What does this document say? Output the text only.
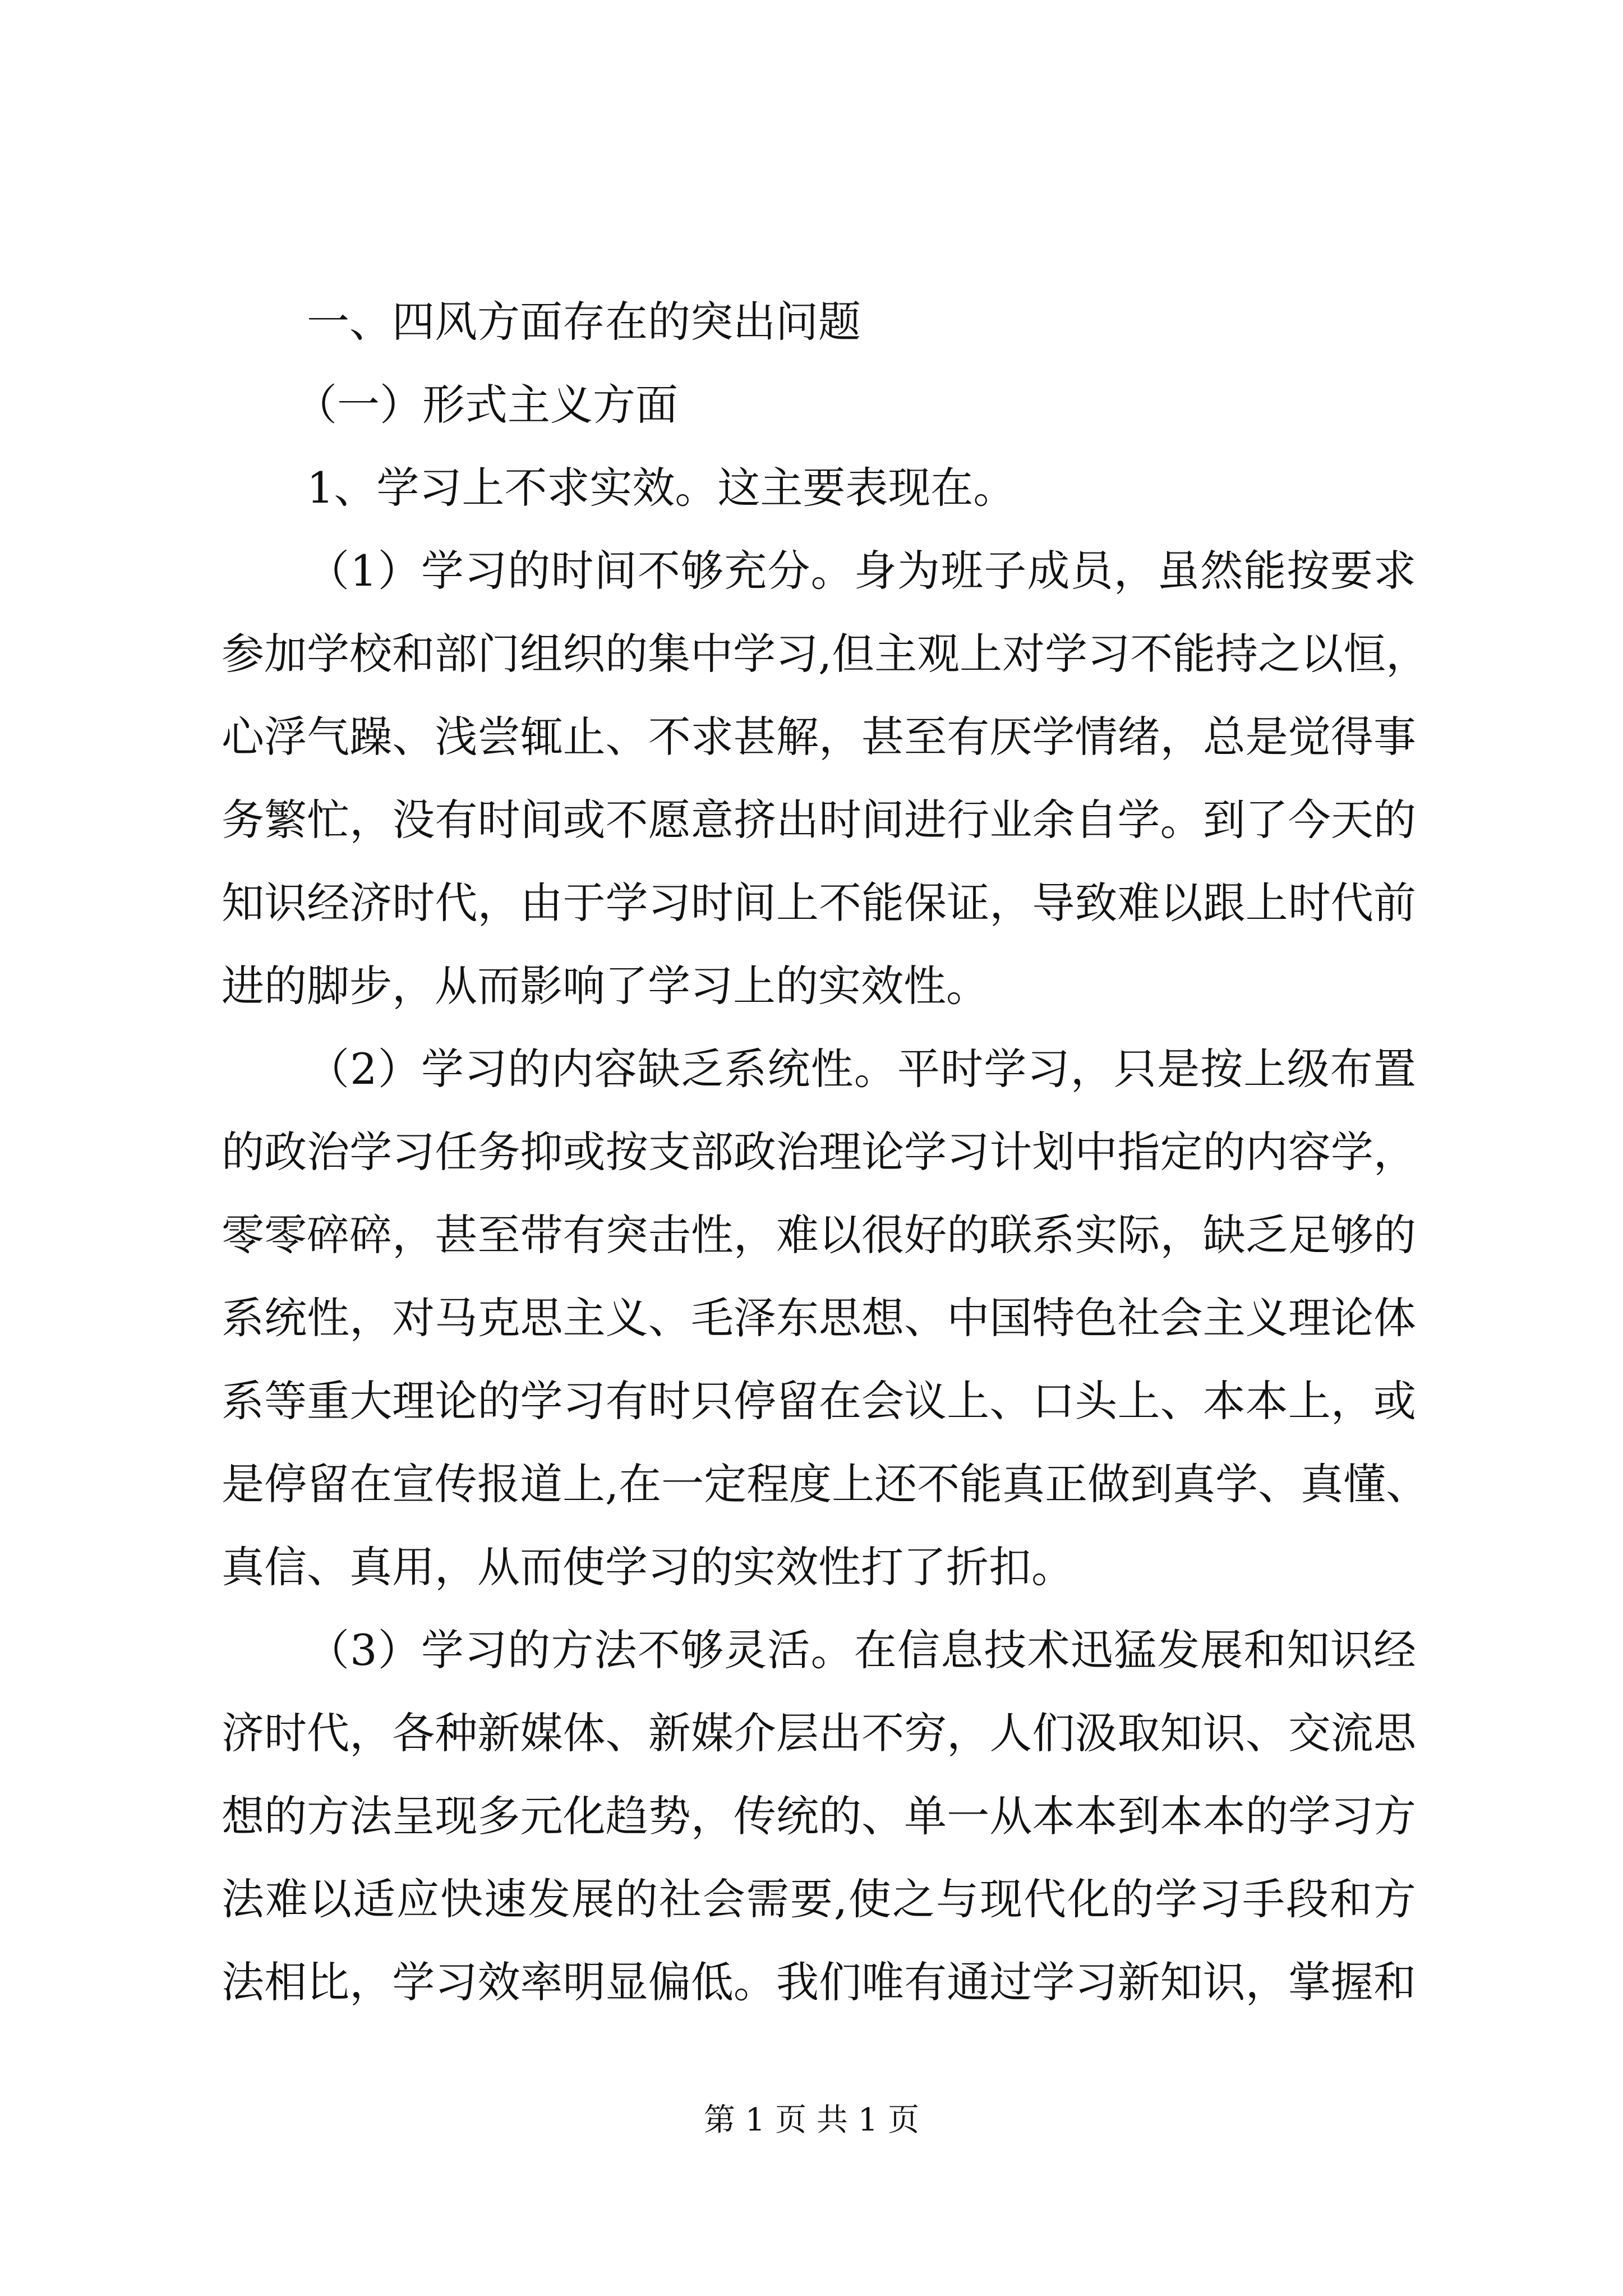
一、四风方面存在的突出问题

（一）形式主义方面

1、学习上不求实效。这主要表现在。

（1）学习的时间不够充分。身为班子成员，虽然能按要求
参加学校和部门组织的集中学习,但主观上对学习不能持之以恒，
心浮气躁、浅尝辄止、不求甚解，甚至有厌学情绪，总是觉得事
务繁忙，没有时间或不愿意挤出时间进行业余自学。到了今天的
知识经济时代，由于学习时间上不能保证，导致难以跟上时代前
进的脚步，从而影响了学习上的实效性。
（2）学习的内容缺乏系统性。平时学习，只是按上级布置
的政治学习任务抑或按支部政治理论学习计划中指定的内容学，
零零碎碎，甚至带有突击性，难以很好的联系实际，缺乏足够的
系统性，对马克思主义、毛泽东思想、中国特色社会主义理论体
系等重大理论的学习有时只停留在会议上、口头上、本本上，或
是停留在宣传报道上,在一定程度上还不能真正做到真学、真懂、
真信、真用，从而使学习的实效性打了折扣。
（3）学习的方法不够灵活。在信息技术迅猛发展和知识经
济时代，各种新媒体、新媒介层出不穷，人们汲取知识、交流思
想的方法呈现多元化趋势，传统的、单一从本本到本本的学习方
法难以适应快速发展的社会需要,使之与现代化的学习手段和方
法相比，学习效率明显偏低。我们唯有通过学习新知识，掌握和
第 1 页 共 1 页
